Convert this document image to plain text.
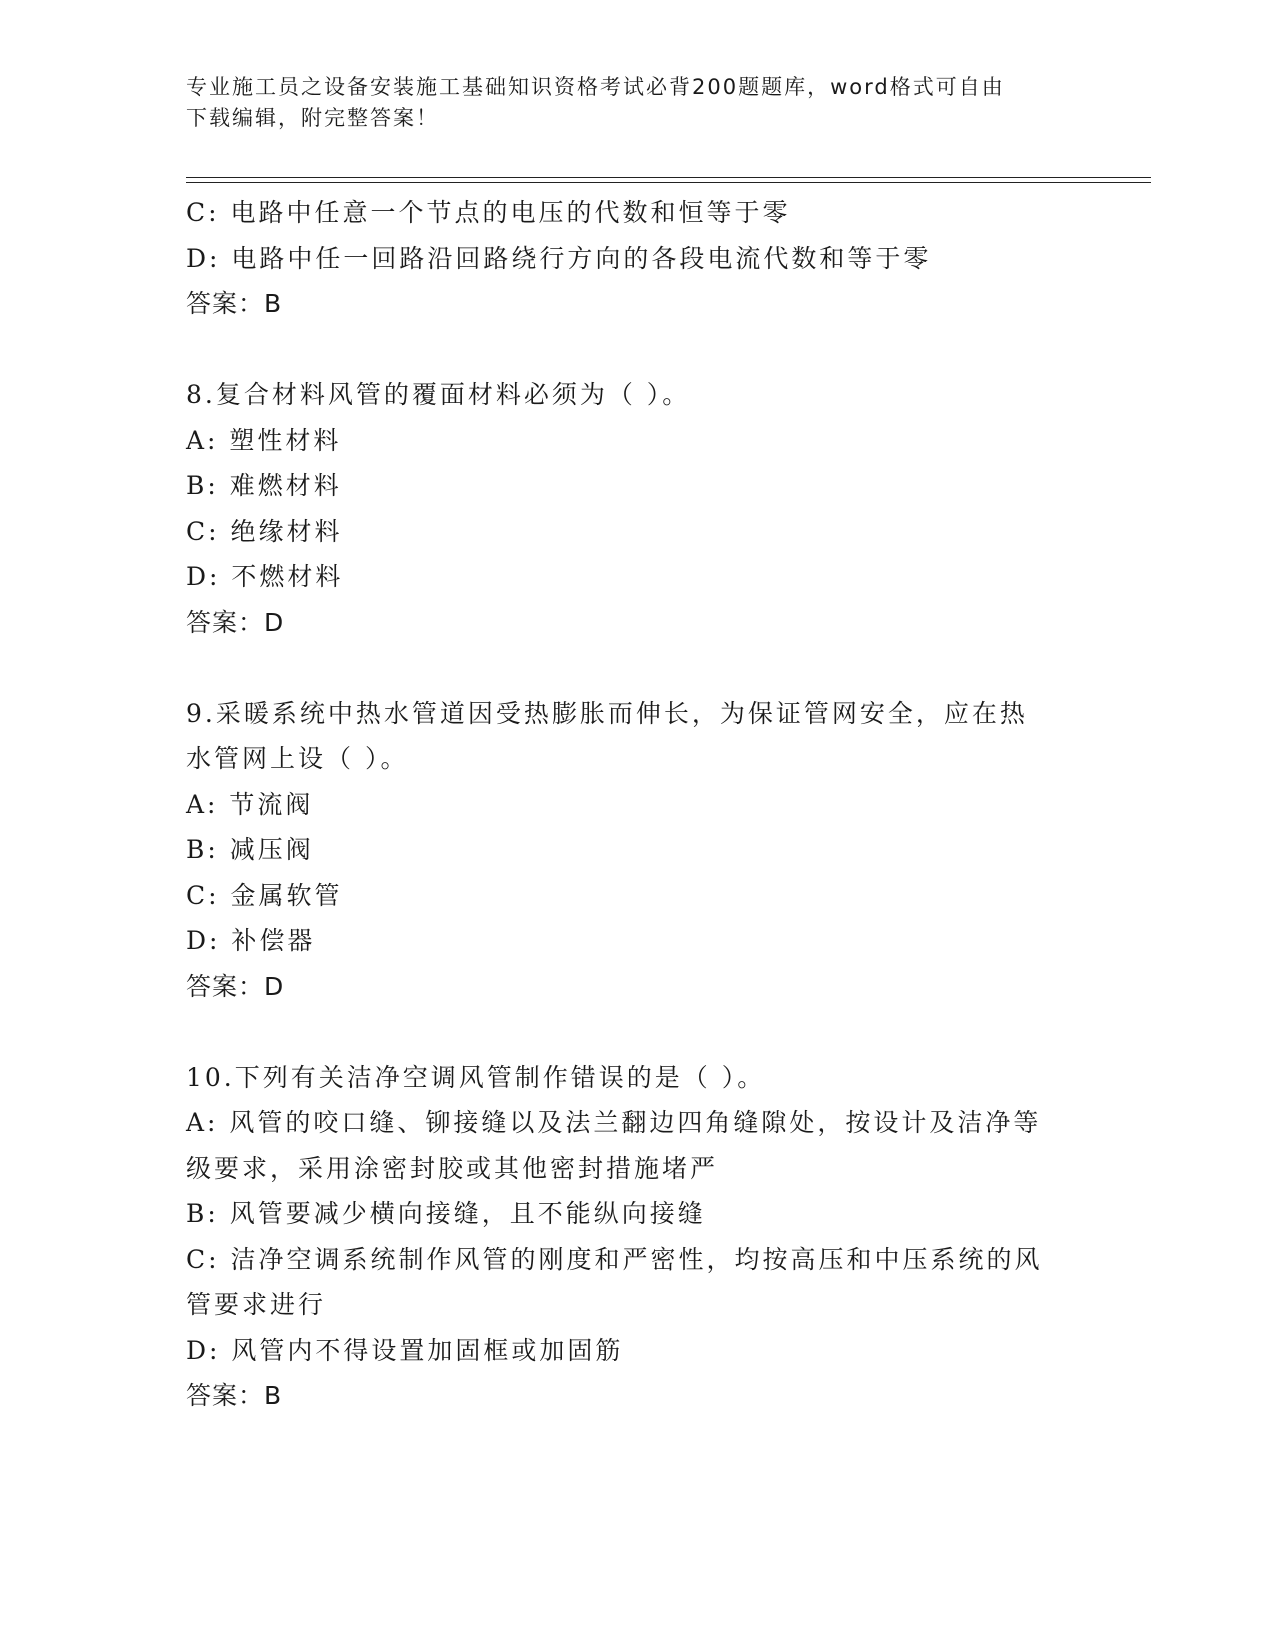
专业施工员之设备安装施工基础知识资格考试必背200题题库，word格式可自由
下载编辑，附完整答案！
C: 电路中任意一个节点的电压的代数和恒等于零
D: 电路中任一回路沿回路绕行方向的各段电流代数和等于零
答案：B
8.复合材料风管的覆面材料必须为（ ）。
A: 塑性材料
B: 难燃材料
C: 绝缘材料
D: 不燃材料
答案：D
9.采暖系统中热水管道因受热膨胀而伸长，为保证管网安全，应在热
水管网上设（ ）。
A: 节流阀
B: 减压阀
C: 金属软管
D: 补偿器
答案：D
10.下列有关洁净空调风管制作错误的是（ ）。
A: 风管的咬口缝、铆接缝以及法兰翻边四角缝隙处，按设计及洁净等
级要求，采用涂密封胶或其他密封措施堵严
B: 风管要减少横向接缝，且不能纵向接缝
C: 洁净空调系统制作风管的刚度和严密性，均按高压和中压系统的风
管要求进行
D: 风管内不得设置加固框或加固筋
答案：B
